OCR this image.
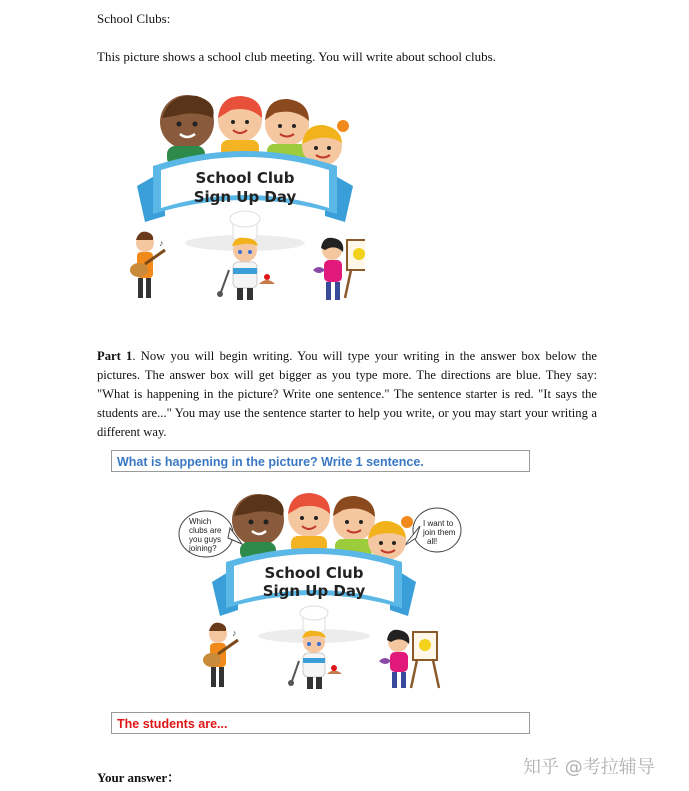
School Clubs:
This picture shows a school club meeting. You will write about school clubs.
School Club
Sign Up Day
♪
Part 1. Now you will begin writing. You will type your writing in the answer box below the pictures. The answer box will get bigger as you type more. The directions are blue. They say: "What is happening in the picture? Write one sentence." The sentence starter is red. "It says the students are..." You may use the sentence starter to help you write, or you may start your writing a different way.
What is happening in the picture? Write 1 sentence.
Which
clubs are
you guys
joining?
I want to
join them
all!
School Club
Sign Up Day
♪
The students are...
Your answer：	知乎 @考拉辅导
